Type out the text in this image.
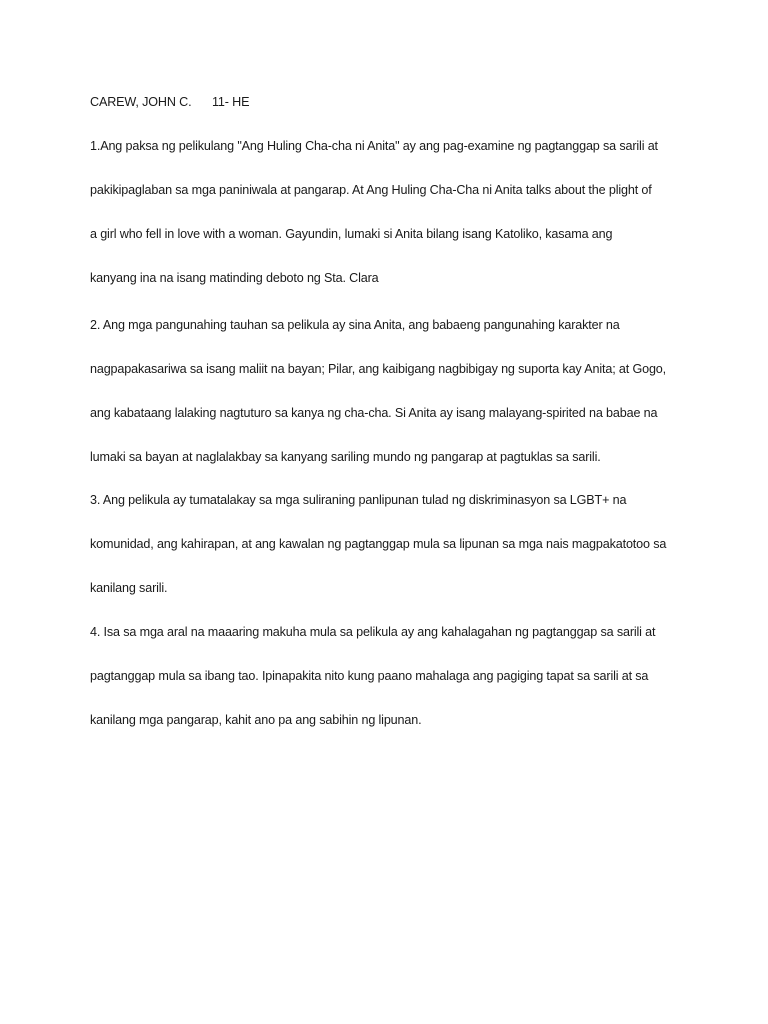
CAREW, JOHN C. 11- HE
1.Ang paksa ng pelikulang "Ang Huling Cha-cha ni Anita" ay ang pag-examine ng pagtanggap sa sarili at
pakikipaglaban sa mga paniniwala at pangarap. At Ang Huling Cha-Cha ni Anita talks about the plight of
a girl who fell in love with a woman. Gayundin, lumaki si Anita bilang isang Katoliko, kasama ang
kanyang ina na isang matinding deboto ng Sta. Clara
2. Ang mga pangunahing tauhan sa pelikula ay sina Anita, ang babaeng pangunahing karakter na
nagpapakasariwa sa isang maliit na bayan; Pilar, ang kaibigang nagbibigay ng suporta kay Anita; at Gogo,
ang kabataang lalaking nagtuturo sa kanya ng cha-cha. Si Anita ay isang malayang-spirited na babae na
lumaki sa bayan at naglalakbay sa kanyang sariling mundo ng pangarap at pagtuklas sa sarili.
3. Ang pelikula ay tumatalakay sa mga suliraning panlipunan tulad ng diskriminasyon sa LGBT+ na
komunidad, ang kahirapan, at ang kawalan ng pagtanggap mula sa lipunan sa mga nais magpakatotoo sa
kanilang sarili.
4. Isa sa mga aral na maaaring makuha mula sa pelikula ay ang kahalagahan ng pagtanggap sa sarili at
pagtanggap mula sa ibang tao. Ipinapakita nito kung paano mahalaga ang pagiging tapat sa sarili at sa
kanilang mga pangarap, kahit ano pa ang sabihin ng lipunan.
